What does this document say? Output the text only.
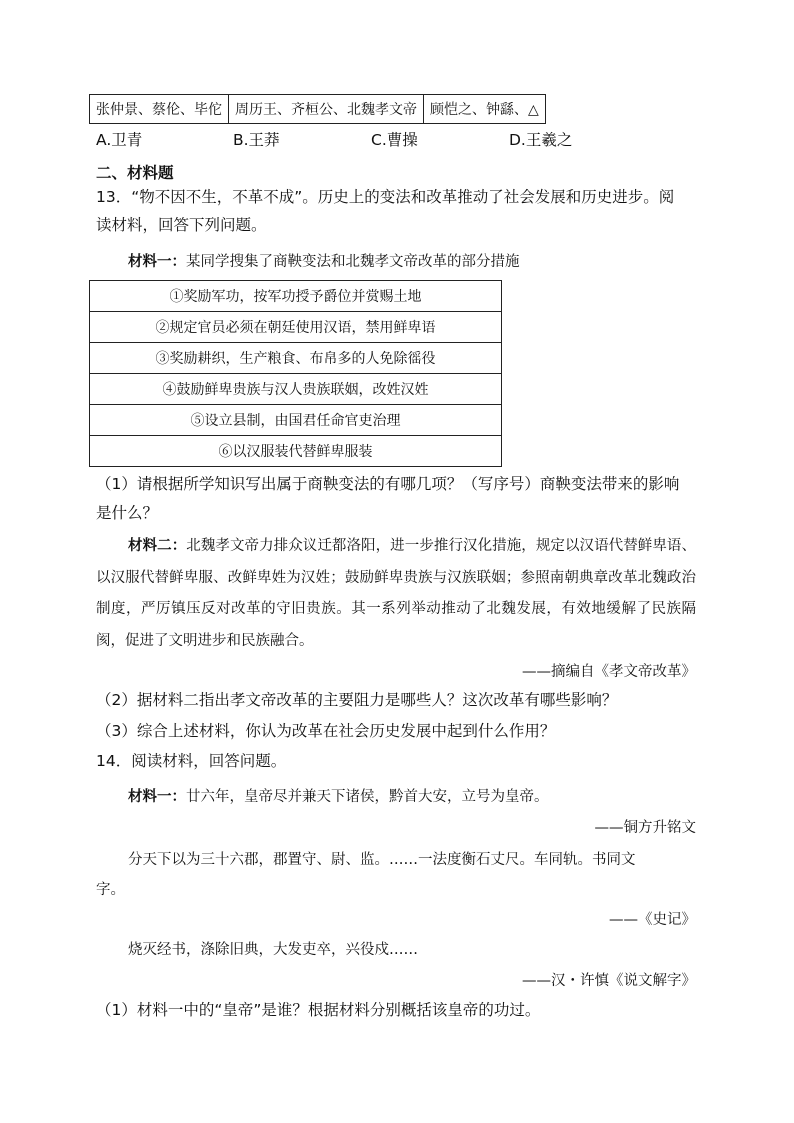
张仲景、蔡伦、毕佗	周历王、齐桓公、北魏孝文帝	顾恺之、钟繇、△
A.卫青	B.王莽	C.曹操	D.王羲之
二、材料题
13．“物不因不生，不革不成”。历史上的变法和改革推动了社会发展和历史进步。阅
读材料，回答下列问题。
材料一：某同学搜集了商鞅变法和北魏孝文帝改革的部分措施
①奖励军功，按军功授予爵位并赏赐土地
②规定官员必须在朝廷使用汉语，禁用鲜卑语
③奖励耕织，生产粮食、布帛多的人免除徭役
④鼓励鲜卑贵族与汉人贵族联姻，改姓汉姓
⑤设立县制，由国君任命官吏治理
⑥以汉服装代替鲜卑服装
（1）请根据所学知识写出属于商鞅变法的有哪几项？（写序号）商鞅变法带来的影响
是什么？
材料二：北魏孝文帝力排众议迁都洛阳，进一步推行汉化措施，规定以汉语代替鲜卑语、以汉服代替鲜卑服、改鲜卑姓为汉姓；鼓励鲜卑贵族与汉族联姻；参照南朝典章改革北魏政治制度，严厉镇压反对改革的守旧贵族。其一系列举动推动了北魏发展，有效地缓解了民族隔阂，促进了文明进步和民族融合。
——摘编自《孝文帝改革》
（2）据材料二指出孝文帝改革的主要阻力是哪些人？这次改革有哪些影响？
（3）综合上述材料，你认为改革在社会历史发展中起到什么作用？
14．阅读材料，回答问题。
材料一：廿六年，皇帝尽并兼天下诸侯，黔首大安，立号为皇帝。
——铜方升铭文
分天下以为三十六郡，郡置守、尉、监。……一法度衡石丈尺。车同轨。书同文
字。
——《史记》
烧灭经书，涤除旧典，大发吏卒，兴役戍……
——汉・许慎《说文解字》
（1）材料一中的“皇帝”是谁？根据材料分别概括该皇帝的功过。
